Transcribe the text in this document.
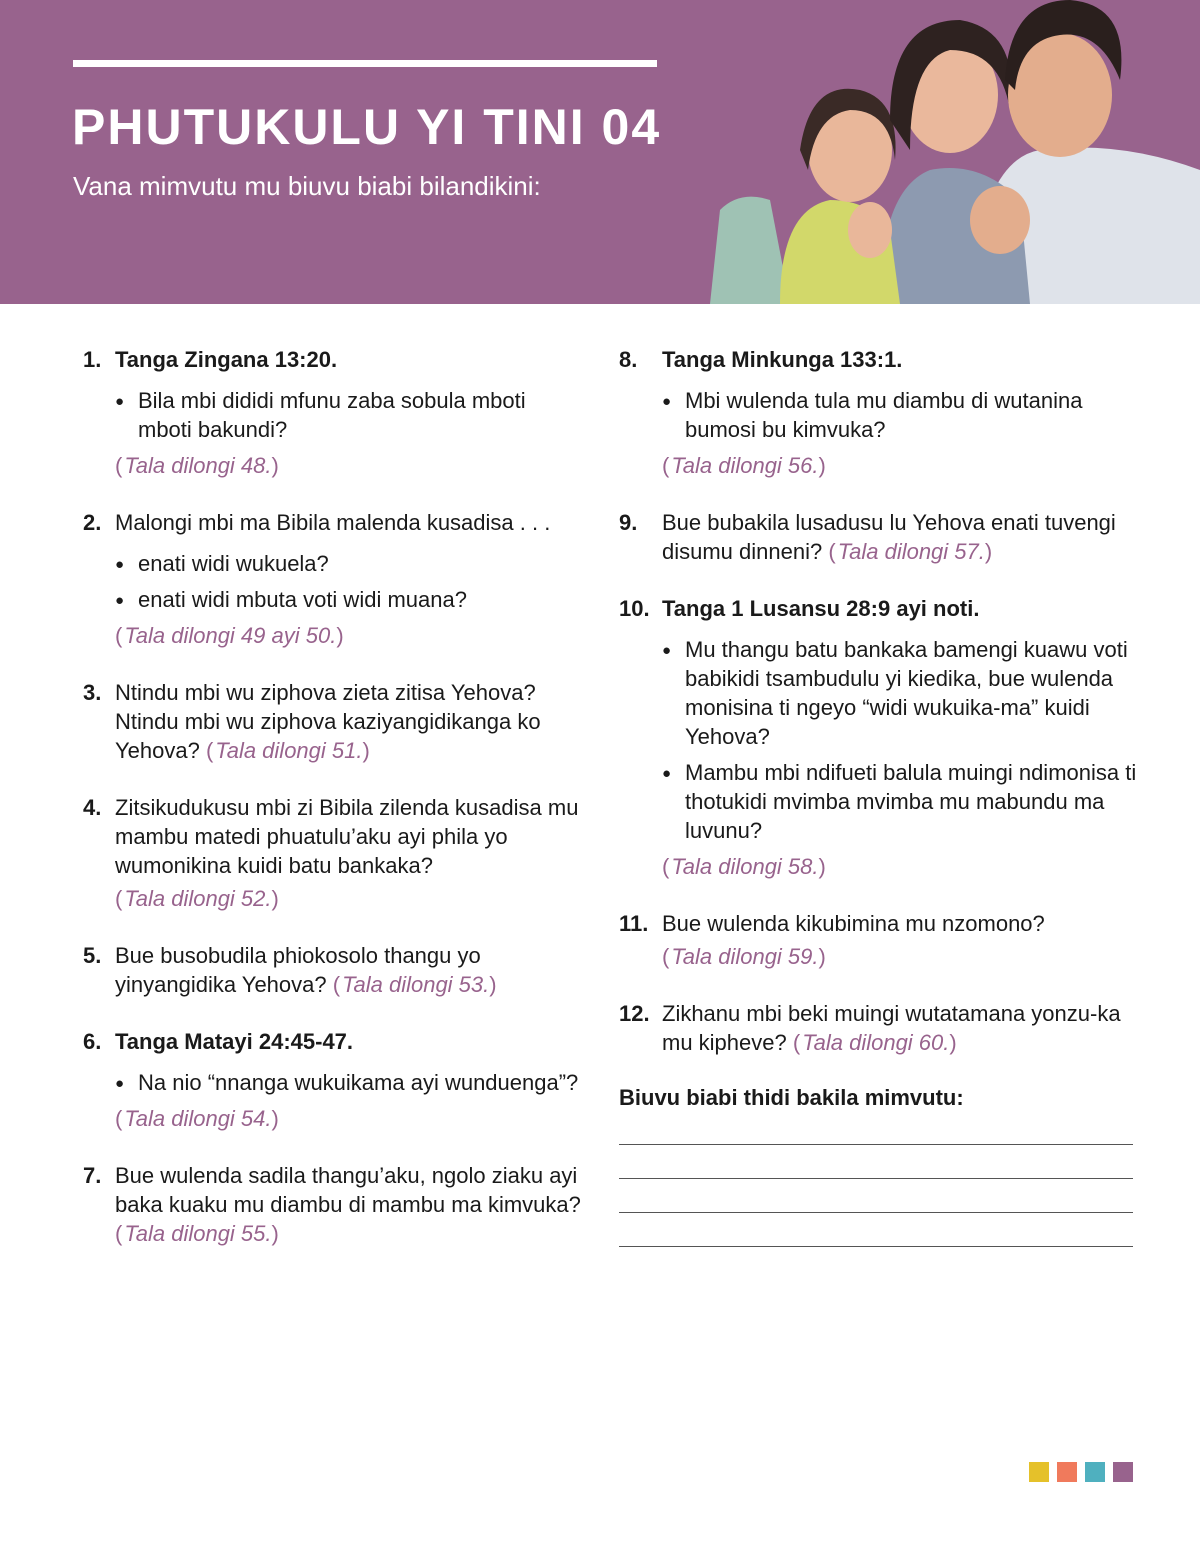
PHUTUKULU YI TINI 04
Vana mimvutu mu biuvu biabi bilandikini:
1. Tanga Zingana 13:20.
● Bila mbi dididi mfunu zaba sobula mboti mboti bakundi?
( Tala dilongi 48. )
2. Malongi mbi ma Bibila malenda kusadisa . . .
● enati widi wukuela?
● enati widi mbuta voti widi muana?
( Tala dilongi 49 ayi 50. )
3. Ntindu mbi wu ziphova zieta zitisa Yehova? Ntindu mbi wu ziphova kaziyangidikanga ko Yehova? ( Tala dilongi 51. )
4. Zitsikudukusu mbi zi Bibila zilenda kusadisa mu mambu matedi phuatulu’aku ayi phila yo wumonikina kuidi batu bankaka?
( Tala dilongi 52. )
5. Bue busobudila phiokosolo thangu yo yinyangidika Yehova? ( Tala dilongi 53. )
6. Tanga Matayi 24:45-47.
● Na nio “nnanga wukuikama ayi wunduenga”?
( Tala dilongi 54. )
7. Bue wulenda sadila thangu’aku, ngolo ziaku ayi baka kuaku mu diambu di mambu ma kimvuka? ( Tala dilongi 55. )
8. Tanga Minkunga 133:1.
● Mbi wulenda tula mu diambu di wutanina bumosi bu kimvuka?
( Tala dilongi 56. )
9. Bue bubakila lusadusu lu Yehova enati tuvengi disumu dinneni? ( Tala dilongi 57. )
10. Tanga 1 Lusansu 28:9 ayi noti.
● Mu thangu batu bankaka bamengi kuawu voti babikidi tsambudulu yi kiedika, bue wulenda monisina ti ngeyo “widi wukuika-ma” kuidi Yehova?
● Mambu mbi ndifueti balula muingi ndimonisa ti thotukidi mvimba mvimba mu mabundu ma luvunu?
( Tala dilongi 58. )
11. Bue wulenda kikubimina mu nzomono?
( Tala dilongi 59. )
12. Zikhanu mbi beki muingi wutatamana yonzu-ka mu kipheve? ( Tala dilongi 60. )
Biuvu biabi thidi bakila mimvutu:
